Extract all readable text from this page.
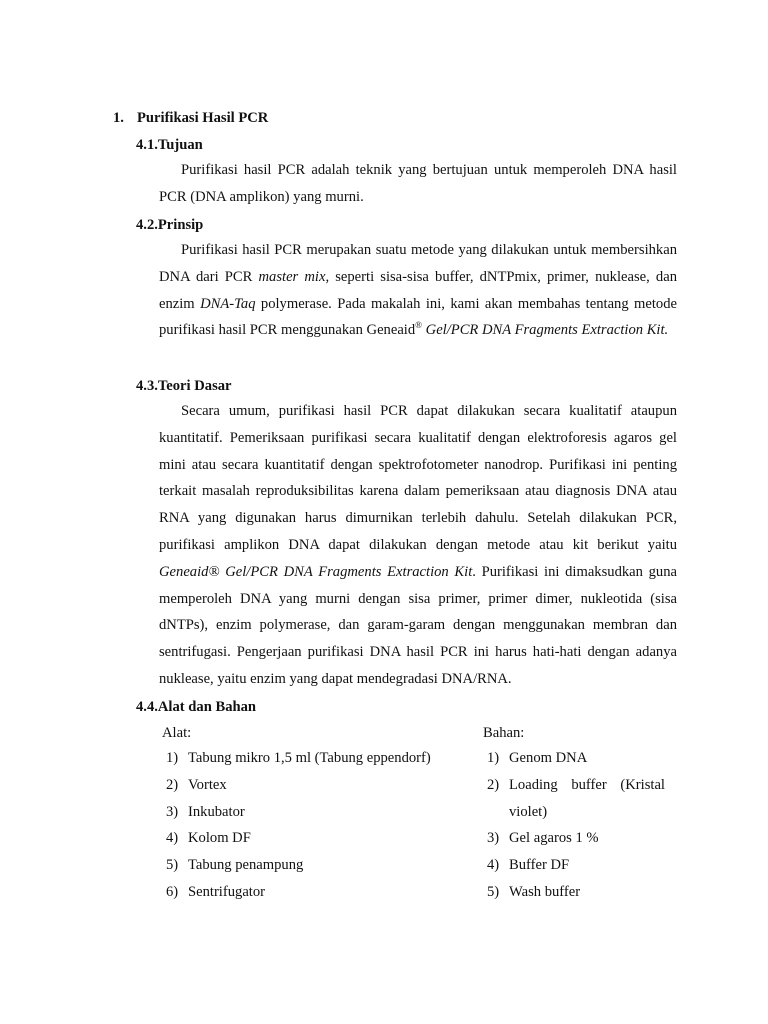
1. Purifikasi Hasil PCR
4.1.Tujuan

Purifikasi hasil PCR adalah teknik yang bertujuan untuk memperoleh DNA hasil PCR (DNA amplikon) yang murni.

4.2.Prinsip

Purifikasi hasil PCR merupakan suatu metode yang dilakukan untuk membersihkan DNA dari PCR master mix, seperti sisa-sisa buffer, dNTPmix, primer, nuklease, dan enzim DNA-Taq polymerase. Pada makalah ini, kami akan membahas tentang metode purifikasi hasil PCR menggunakan Geneaid® Gel/PCR DNA Fragments Extraction Kit.

4.3.Teori Dasar

Secara umum, purifikasi hasil PCR dapat dilakukan secara kualitatif ataupun kuantitatif. Pemeriksaan purifikasi secara kualitatif dengan elektroforesis agaros gel mini atau secara kuantitatif dengan spektrofotometer nanodrop. Purifikasi ini penting terkait masalah reproduksibilitas karena dalam pemeriksaan atau diagnosis DNA atau RNA yang digunakan harus dimurnikan terlebih dahulu. Setelah dilakukan PCR, purifikasi amplikon DNA dapat dilakukan dengan metode atau kit berikut yaitu Geneaid® Gel/PCR DNA Fragments Extraction Kit. Purifikasi ini dimaksudkan guna memperoleh DNA yang murni dengan sisa primer, primer dimer, nukleotida (sisa dNTPs), enzim polymerase, dan garam-garam dengan menggunakan membran dan sentrifugasi. Pengerjaan purifikasi DNA hasil PCR ini harus hati-hati dengan adanya nuklease, yaitu enzim yang dapat mendegradasi DNA/RNA.

4.4.Alat dan Bahan
Alat:	Bahan:
1) Tabung mikro 1,5 ml (Tabung eppendorf)
2) Vortex
3) Inkubator
4) Kolom DF
5) Tabung penampung
6) Sentrifugator
1) Genom DNA
2) Loading buffer (Kristal violet)
3) Gel agaros 1 %
4) Buffer DF
5) Wash buffer
